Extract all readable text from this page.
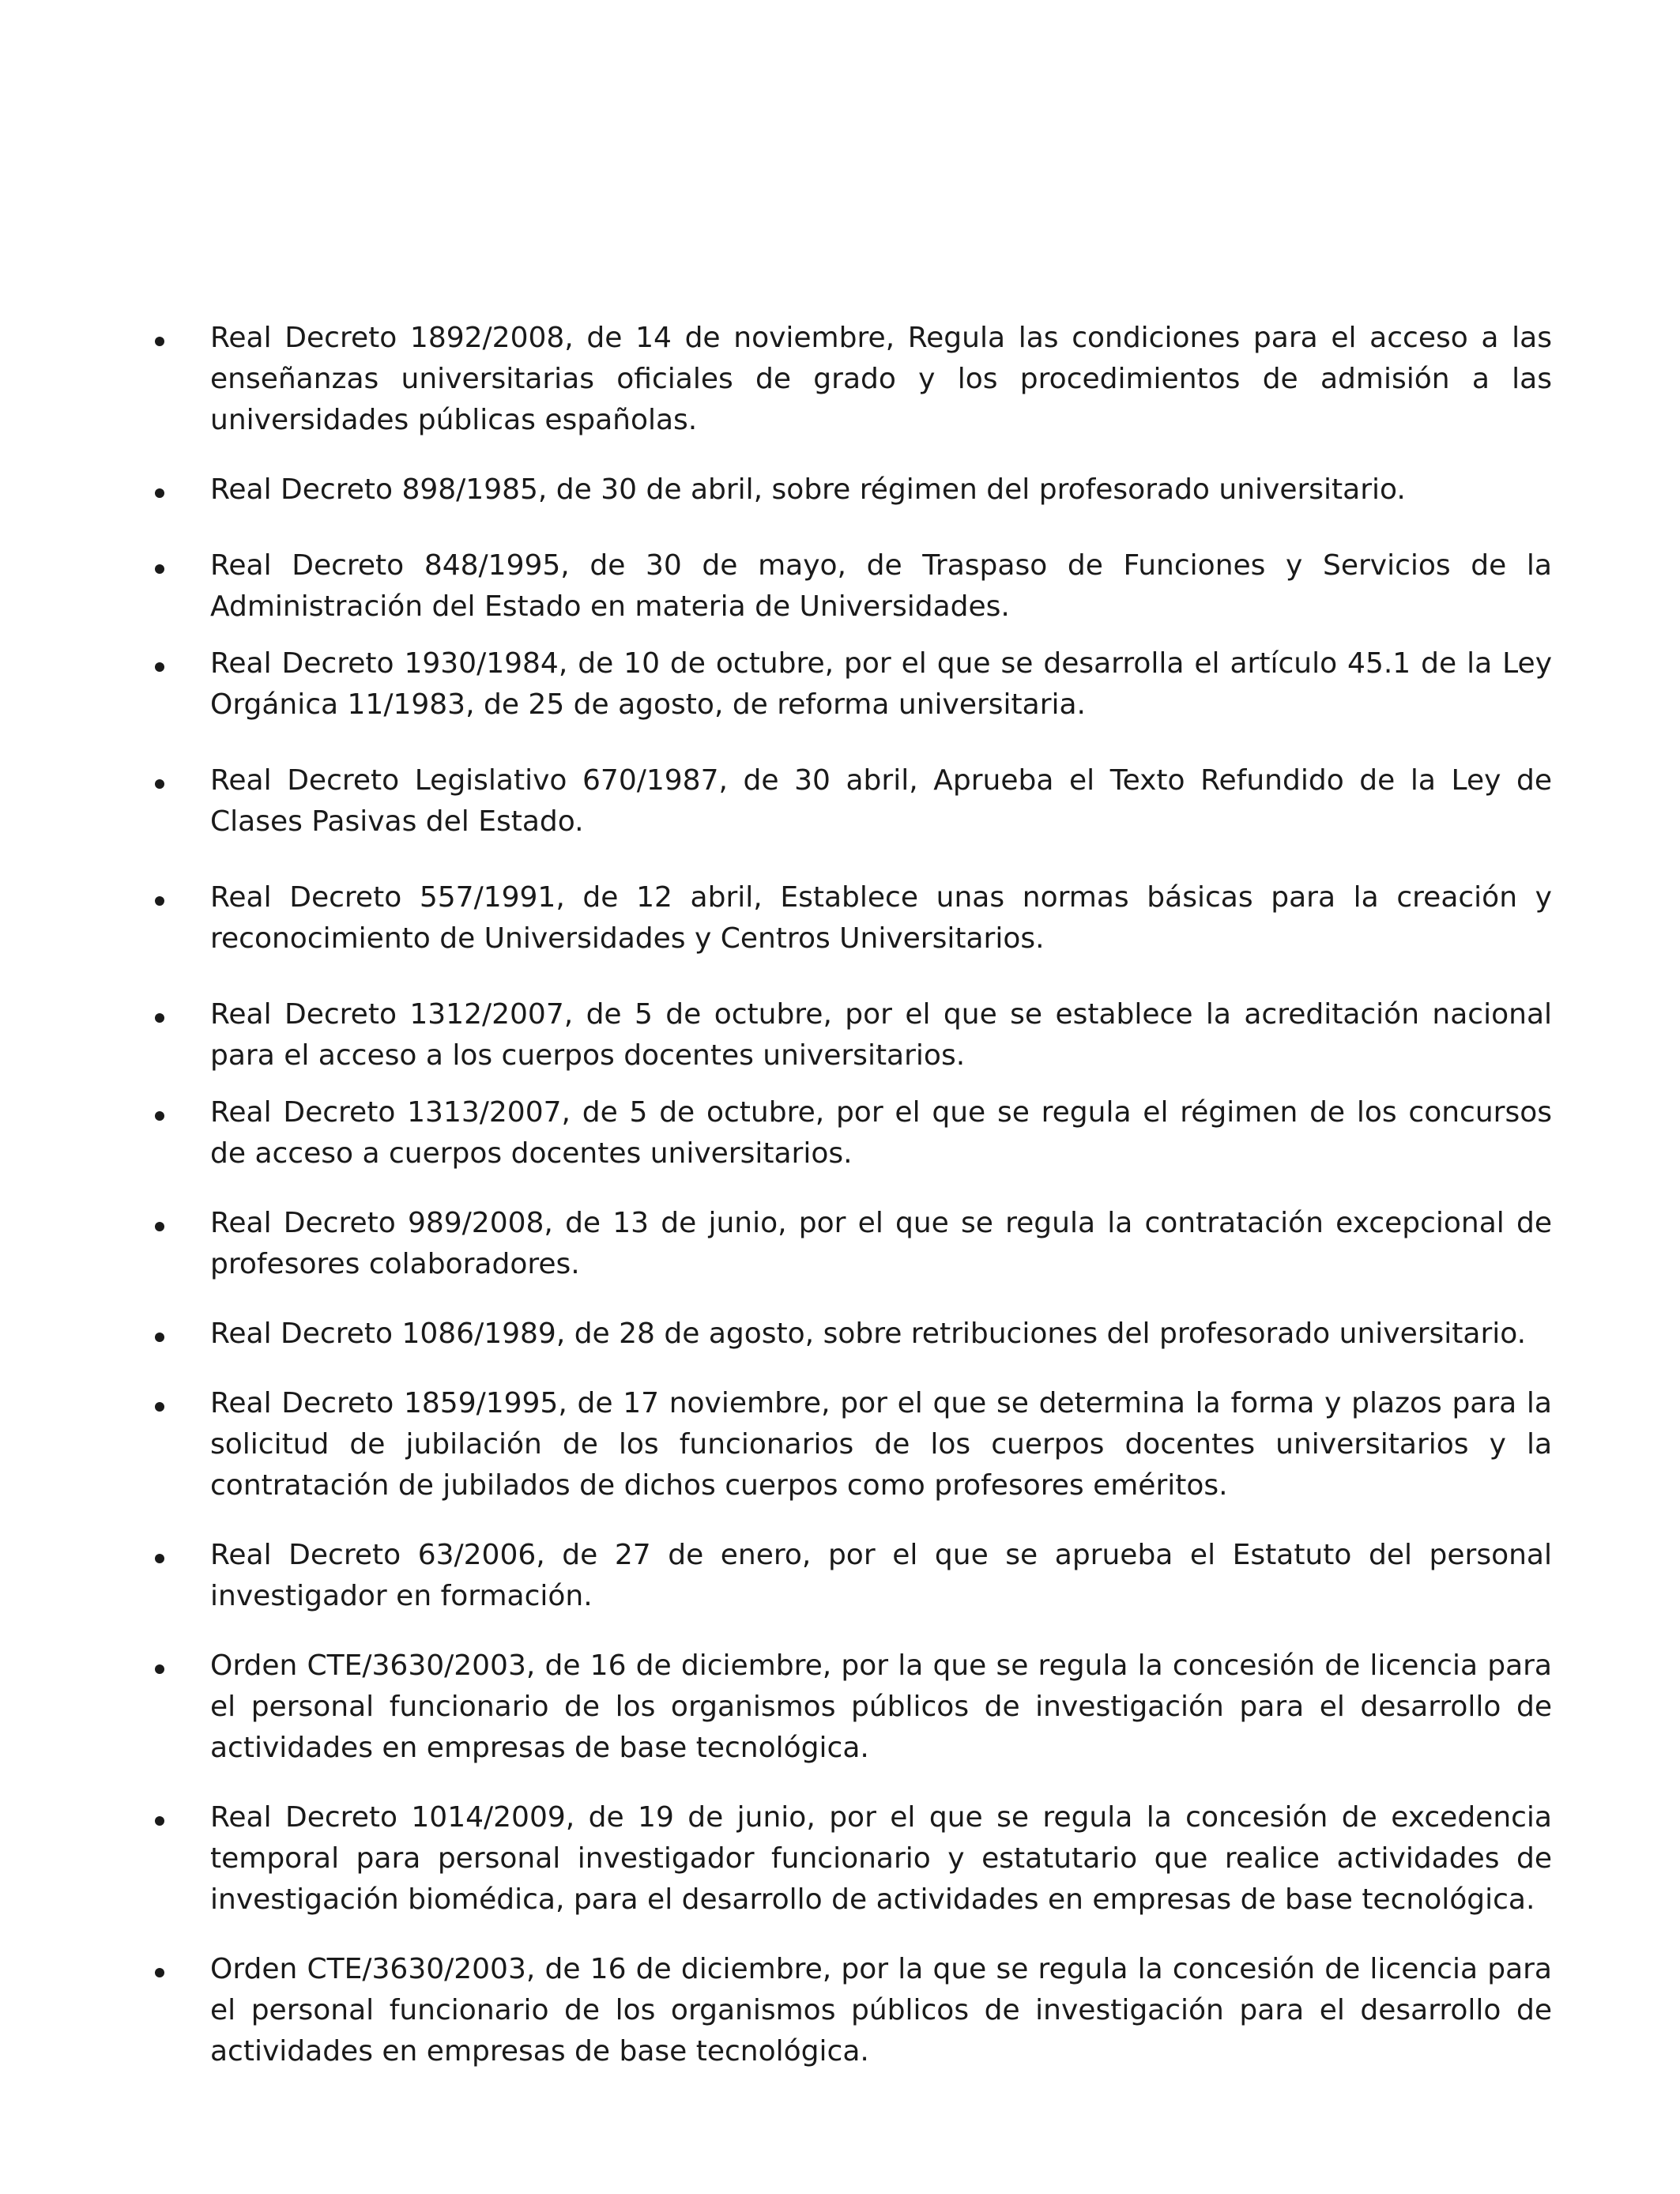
Real Decreto 1892/2008, de 14 de noviembre, Regula las condiciones para el acceso a las enseñanzas universitarias oficiales de grado y los procedimientos de admisión a las universidades públicas españolas.
Real Decreto 898/1985, de 30 de abril, sobre régimen del profesorado universitario.
Real Decreto 848/1995, de 30 de mayo, de Traspaso de Funciones y Servicios de la Administración del Estado en materia de Universidades.
Real Decreto 1930/1984, de 10 de octubre, por el que se desarrolla el artículo 45.1 de la Ley Orgánica 11/1983, de 25 de agosto, de reforma universitaria.
Real Decreto Legislativo 670/1987, de 30 abril, Aprueba el Texto Refundido de la Ley de Clases Pasivas del Estado.
Real Decreto 557/1991, de 12 abril, Establece unas normas básicas para la creación y reconocimiento de Universidades y Centros Universitarios.
Real Decreto 1312/2007, de 5 de octubre, por el que se establece la acreditación nacional para el acceso a los cuerpos docentes universitarios.
Real Decreto 1313/2007, de 5 de octubre, por el que se regula el régimen de los concursos de acceso a cuerpos docentes universitarios.
Real Decreto 989/2008, de 13 de junio, por el que se regula la contratación excepcional de profesores colaboradores.
Real Decreto 1086/1989, de 28 de agosto, sobre retribuciones del profesorado universitario.
Real Decreto 1859/1995, de 17 noviembre, por el que se determina la forma y plazos para la solicitud de jubilación de los funcionarios de los cuerpos docentes universitarios y la contratación de jubilados de dichos cuerpos como profesores eméritos.
Real Decreto 63/2006, de 27 de enero, por el que se aprueba el Estatuto del personal investigador en formación.
Orden CTE/3630/2003, de 16 de diciembre, por la que se regula la concesión de licencia para el personal funcionario de los organismos públicos de investigación para el desarrollo de actividades en empresas de base tecnológica.
Real Decreto 1014/2009, de 19 de junio, por el que se regula la concesión de excedencia temporal para personal investigador funcionario y estatutario que realice actividades de investigación biomédica, para el desarrollo de actividades en empresas de base tecnológica.
Orden CTE/3630/2003, de 16 de diciembre, por la que se regula la concesión de licencia para el personal funcionario de los organismos públicos de investigación para el desarrollo de actividades en empresas de base tecnológica.
